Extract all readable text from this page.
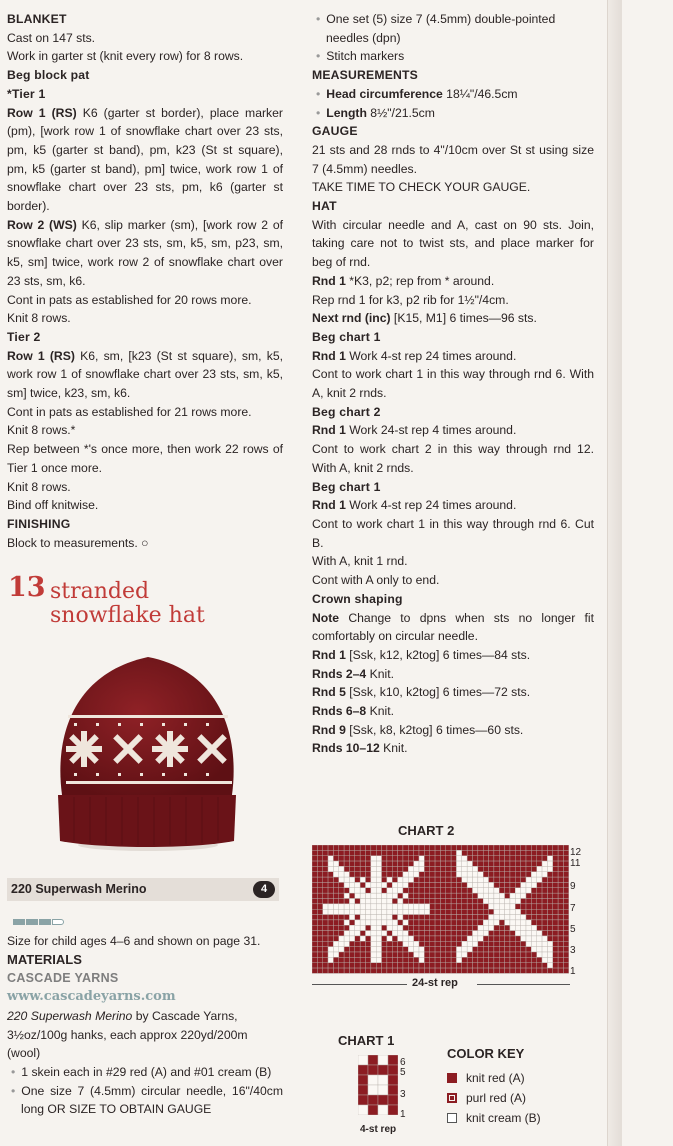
BLANKET

Cast on 147 sts.

Work in garter st (knit every row) for 8 rows.

Beg block pat

*Tier 1

Row 1 (RS) K6 (garter st border), place marker (pm), [work row 1 of snowflake chart over 23 sts, pm, k5 (garter st band), pm, k23 (St st square), pm, k5 (garter st band), pm] twice, work row 1 of snowflake chart over 23 sts, pm, k6 (garter st border).

Row 2 (WS) K6, slip marker (sm), [work row 2 of snowflake chart over 23 sts, sm, k5, sm, p23, sm, k5, sm] twice, work row 2 of snowflake chart over 23 sts, sm, k6.

Cont in pats as established for 20 rows more.

Knit 8 rows.

Tier 2

Row 1 (RS) K6, sm, [k23 (St st square), sm, k5, work row 1 of snowflake chart over 23 sts, sm, k5, sm] twice, k23, sm, k6.

Cont in pats as established for 21 rows more.

Knit 8 rows.*

Rep between *'s once more, then work 22 rows of Tier 1 once more.

Knit 8 rows.

Bind off knitwise.

FINISHING

Block to measurements. ○

13 stranded
snowflake hat
220 Superwash Merino	4

Size for child ages 4–6 and shown on page 31.

MATERIALS

CASCADE YARNS

www.cascadeyarns.com

220 Superwash Merino by Cascade Yarns, 3½oz/100g hanks, each approx 220yd/200m (wool)

• 1 skein each in #29 red (A) and #01 cream (B)

• One size 7 (4.5mm) circular needle, 16"/40cm long OR SIZE TO OBTAIN GAUGE

• One set (5) size 7 (4.5mm) double-pointed needles (dpn)

• Stitch markers

MEASUREMENTS

• Head circumference 18¼"/46.5cm

• Length 8½"/21.5cm

GAUGE

21 sts and 28 rnds to 4"/10cm over St st using size 7 (4.5mm) needles.

TAKE TIME TO CHECK YOUR GAUGE.

HAT

With circular needle and A, cast on 90 sts. Join, taking care not to twist sts, and place marker for beg of rnd.

Rnd 1 *K3, p2; rep from * around.

Rep rnd 1 for k3, p2 rib for 1½"/4cm.

Next rnd (inc) [K15, M1] 6 times—96 sts.

Beg chart 1

Rnd 1 Work 4-st rep 24 times around.

Cont to work chart 1 in this way through rnd 6. With A, knit 2 rnds.

Beg chart 2

Rnd 1 Work 24-st rep 4 times around.

Cont to work chart 2 in this way through rnd 12. With A, knit 2 rnds.

Beg chart 1

Rnd 1 Work 4-st rep 24 times around.

Cont to work chart 1 in this way through rnd 6. Cut B.

With A, knit 1 rnd.

Cont with A only to end.

Crown shaping

Note Change to dpns when sts no longer fit comfortably on circular needle.

Rnd 1 [Ssk, k12, k2tog] 6 times—84 sts.

Rnds 2–4 Knit.

Rnd 5 [Ssk, k10, k2tog] 6 times—72 sts.

Rnds 6–8 Knit.

Rnd 9 [Ssk, k8, k2tog] 6 times—60 sts.

Rnds 10–12 Knit.

CHART 2
12
11
9
7
5
3
1
24-st rep
CHART 1
6
5
3
1
4-st rep
COLOR KEY
knit red (A)
purl red (A)
knit cream (B)
